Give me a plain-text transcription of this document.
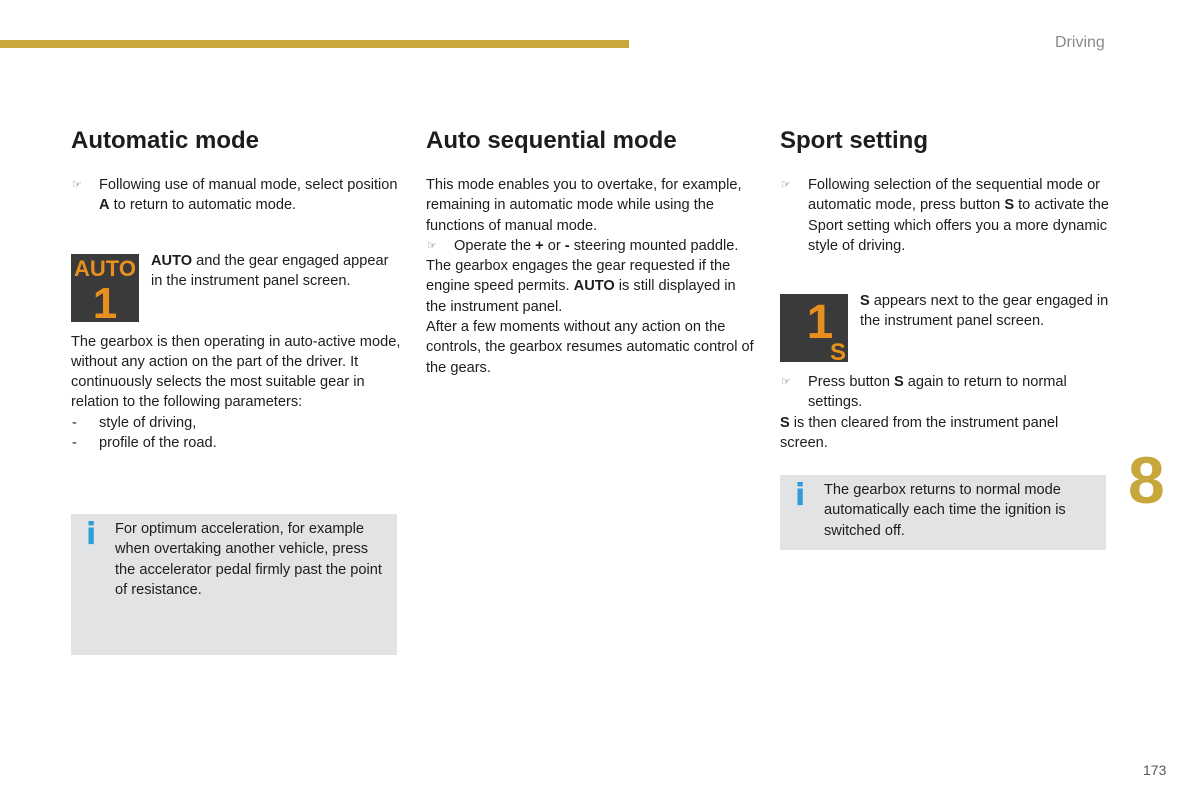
Driving
Automatic mode

☞ Following use of manual mode, select position A to return to automatic mode.

AUTO
1

AUTO and the gear engaged appear in the instrument panel screen.

The gearbox is then operating in auto-active mode, without any action on the part of the driver. It continuously selects the most suitable gear in relation to the following parameters:

- style of driving,

- profile of the road.

i For optimum acceleration, for example when overtaking another vehicle, press the accelerator pedal firmly past the point of resistance.

Auto sequential mode

This mode enables you to overtake, for example, remaining in automatic mode while using the functions of manual mode.

☞ Operate the + or - steering mounted paddle.

The gearbox engages the gear requested if the engine speed permits. AUTO is still displayed in the instrument panel.

After a few moments without any action on the controls, the gearbox resumes automatic control of the gears.

Sport setting

☞ Following selection of the sequential mode or automatic mode, press button S to activate the Sport setting which offers you a more dynamic style of driving.

1
S

S appears next to the gear engaged in the instrument panel screen.

☞ Press button S again to return to normal settings.

S is then cleared from the instrument panel screen.

i The gearbox returns to normal mode automatically each time the ignition is switched off.

8
173
